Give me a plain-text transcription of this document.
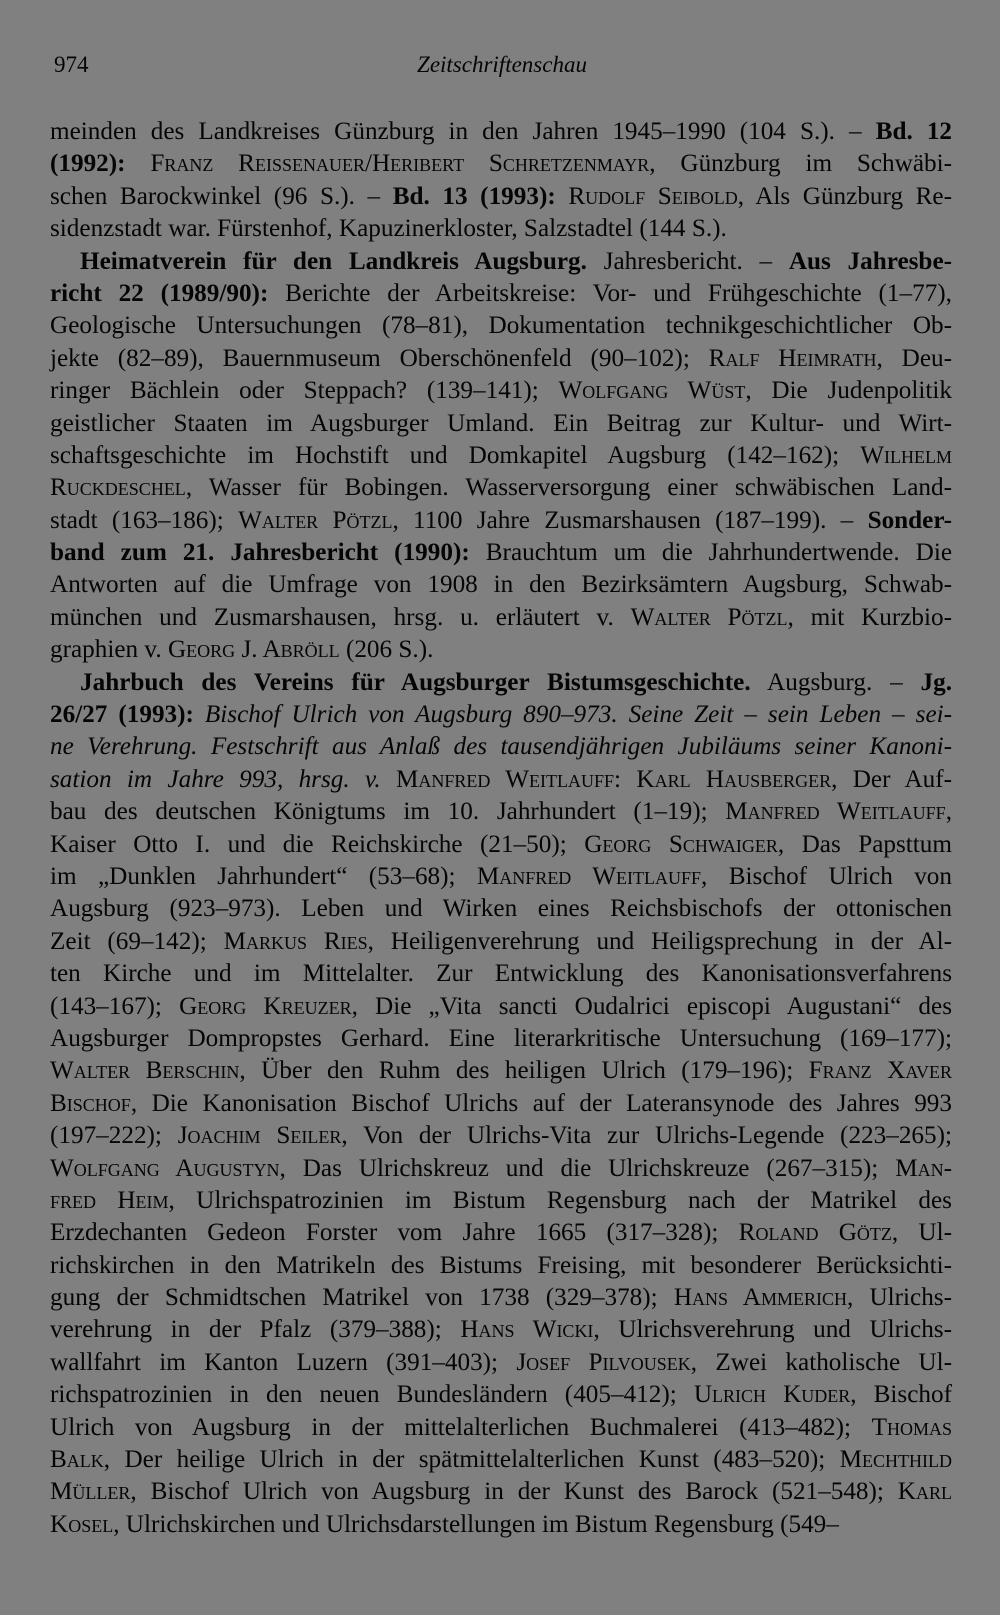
974	Zeitschriftenschau
meinden des Landkreises Günzburg in den Jahren 1945–1990 (104 S.). – Bd. 12
(1992): Franz Reissenauer/Heribert Schretzenmayr, Günzburg im Schwäbi-
schen Barockwinkel (96 S.). – Bd. 13 (1993): Rudolf Seibold, Als Günzburg Re-
sidenzstadt war. Fürstenhof, Kapuzinerkloster, Salzstadtel (144 S.).
Heimatverein für den Landkreis Augsburg. Jahresbericht. – Aus Jahresbe-
richt 22 (1989/90): Berichte der Arbeitskreise: Vor- und Frühgeschichte (1–77),
Geologische Untersuchungen (78–81), Dokumentation technikgeschichtlicher Ob-
jekte (82–89), Bauernmuseum Oberschönenfeld (90–102); Ralf Heimrath, Deu-
ringer Bächlein oder Steppach? (139–141); Wolfgang Wüst, Die Judenpolitik
geistlicher Staaten im Augsburger Umland. Ein Beitrag zur Kultur- und Wirt-
schaftsgeschichte im Hochstift und Domkapitel Augsburg (142–162); Wilhelm
Ruckdeschel, Wasser für Bobingen. Wasserversorgung einer schwäbischen Land-
stadt (163–186); Walter Pötzl, 1100 Jahre Zusmarshausen (187–199). – Sonder-
band zum 21. Jahresbericht (1990): Brauchtum um die Jahrhundertwende. Die
Antworten auf die Umfrage von 1908 in den Bezirksämtern Augsburg, Schwab-
münchen und Zusmarshausen, hrsg. u. erläutert v. Walter Pötzl, mit Kurzbio-
graphien v. Georg J. Abröll (206 S.).
Jahrbuch des Vereins für Augsburger Bistumsgeschichte. Augsburg. – Jg.
26/27 (1993): Bischof Ulrich von Augsburg 890–973. Seine Zeit – sein Leben – sei-
ne Verehrung. Festschrift aus Anlaß des tausendjährigen Jubiläums seiner Kanoni-
sation im Jahre 993, hrsg. v. Manfred Weitlauff: Karl Hausberger, Der Auf-
bau des deutschen Königtums im 10. Jahrhundert (1–19); Manfred Weitlauff,
Kaiser Otto I. und die Reichskirche (21–50); Georg Schwaiger, Das Papsttum
im „Dunklen Jahrhundert“ (53–68); Manfred Weitlauff, Bischof Ulrich von
Augsburg (923–973). Leben und Wirken eines Reichsbischofs der ottonischen
Zeit (69–142); Markus Ries, Heiligenverehrung und Heiligsprechung in der Al-
ten Kirche und im Mittelalter. Zur Entwicklung des Kanonisationsverfahrens
(143–167); Georg Kreuzer, Die „Vita sancti Oudalrici episcopi Augustani“ des
Augsburger Dompropstes Gerhard. Eine literarkritische Untersuchung (169–177);
Walter Berschin, Über den Ruhm des heiligen Ulrich (179–196); Franz Xaver
Bischof, Die Kanonisation Bischof Ulrichs auf der Lateransynode des Jahres 993
(197–222); Joachim Seiler, Von der Ulrichs-Vita zur Ulrichs-Legende (223–265);
Wolfgang Augustyn, Das Ulrichskreuz und die Ulrichskreuze (267–315); Man-
fred Heim, Ulrichspatrozinien im Bistum Regensburg nach der Matrikel des
Erzdechanten Gedeon Forster vom Jahre 1665 (317–328); Roland Götz, Ul-
richskirchen in den Matrikeln des Bistums Freising, mit besonderer Berücksichti-
gung der Schmidtschen Matrikel von 1738 (329–378); Hans Ammerich, Ulrichs-
verehrung in der Pfalz (379–388); Hans Wicki, Ulrichsverehrung und Ulrichs-
wallfahrt im Kanton Luzern (391–403); Josef Pilvousek, Zwei katholische Ul-
richspatrozinien in den neuen Bundesländern (405–412); Ulrich Kuder, Bischof
Ulrich von Augsburg in der mittelalterlichen Buchmalerei (413–482); Thomas
Balk, Der heilige Ulrich in der spätmittelalterlichen Kunst (483–520); Mechthild
Müller, Bischof Ulrich von Augsburg in der Kunst des Barock (521–548); Karl
Kosel, Ulrichskirchen und Ulrichsdarstellungen im Bistum Regensburg (549–
